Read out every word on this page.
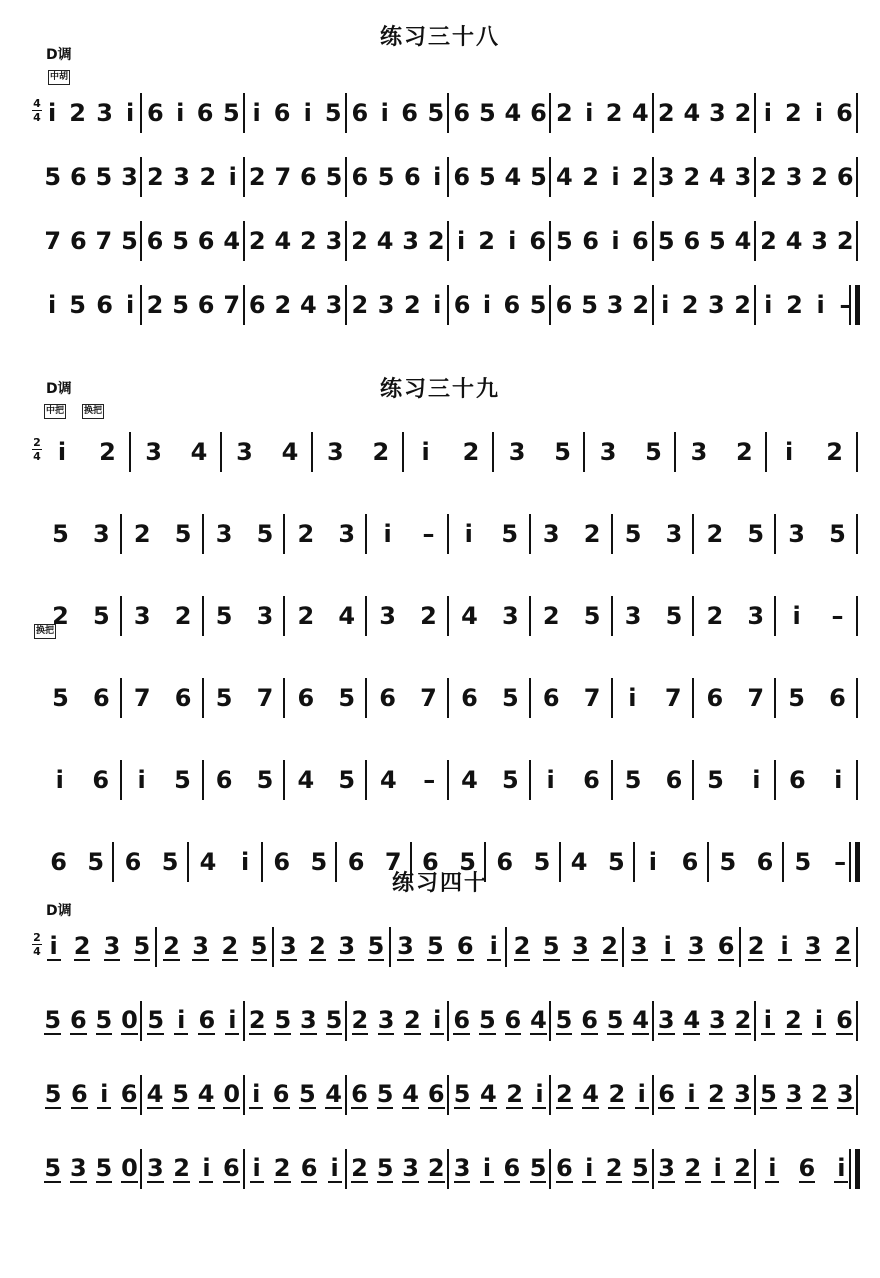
练习三十八
D调
中胡
4
4 i 2 3 i 6 i 6 5 i 6 i 5 6 i 6 5 6 5 4 6 2 i 2 4 2 4 3 2 i 2 i 6
5 6 5 3 2 3 2 i 2 7 6 5 6 5 6 i 6 5 4 5 4 2 i 2 3 2 4 3 2 3 2 6
7 6 7 5 6 5 6 4 2 4 2 3 2 4 3 2 i 2 i 6 5 6 i 6 5 6 5 4 2 4 3 2
i 5 6 i 2 5 6 7 6 2 4 3 2 3 2 i 6 i 6 5 6 5 3 2 i 2 3 2 i 2 i –
练习三十九
D调
中把 换把
2
4
换把
i 2 3 4 3 4 3 2 i 2 3 5 3 5 3 2 i 2
5 3 2 5 3 5 2 3 i – i 5 3 2 5 3 2 5 3 5
2 5 3 2 5 3 2 4 3 2 4 3 2 5 3 5 2 3 i –
5 6 7 6 5 7 6 5 6 7 6 5 6 7 i 7 6 7 5 6
i 6 i 5 6 5 4 5 4 – 4 5 i 6 5 6 5 i 6 i
6 5 6 5 4 i 6 5 6 7 6 5 6 5 4 5 i 6 5 6 5 –
练习四十
D调
2
4 i 2 3 5 2 3 2 5 3 2 3 5 3 5 6 i 2 5 3 2 3 i 3 6 2 i 3 2
5 6 5 0 5 i 6 i 2 5 3 5 2 3 2 i 6 5 6 4 5 6 5 4 3 4 3 2 i 2 i 6
5 6 i 6 4 5 4 0 i 6 5 4 6 5 4 6 5 4 2 i 2 4 2 i 6 i 2 3 5 3 2 3
5 3 5 0 3 2 i 6 i 2 6 i 2 5 3 2 3 i 6 5 6 i 2 5 3 2 i 2 i 6 i
